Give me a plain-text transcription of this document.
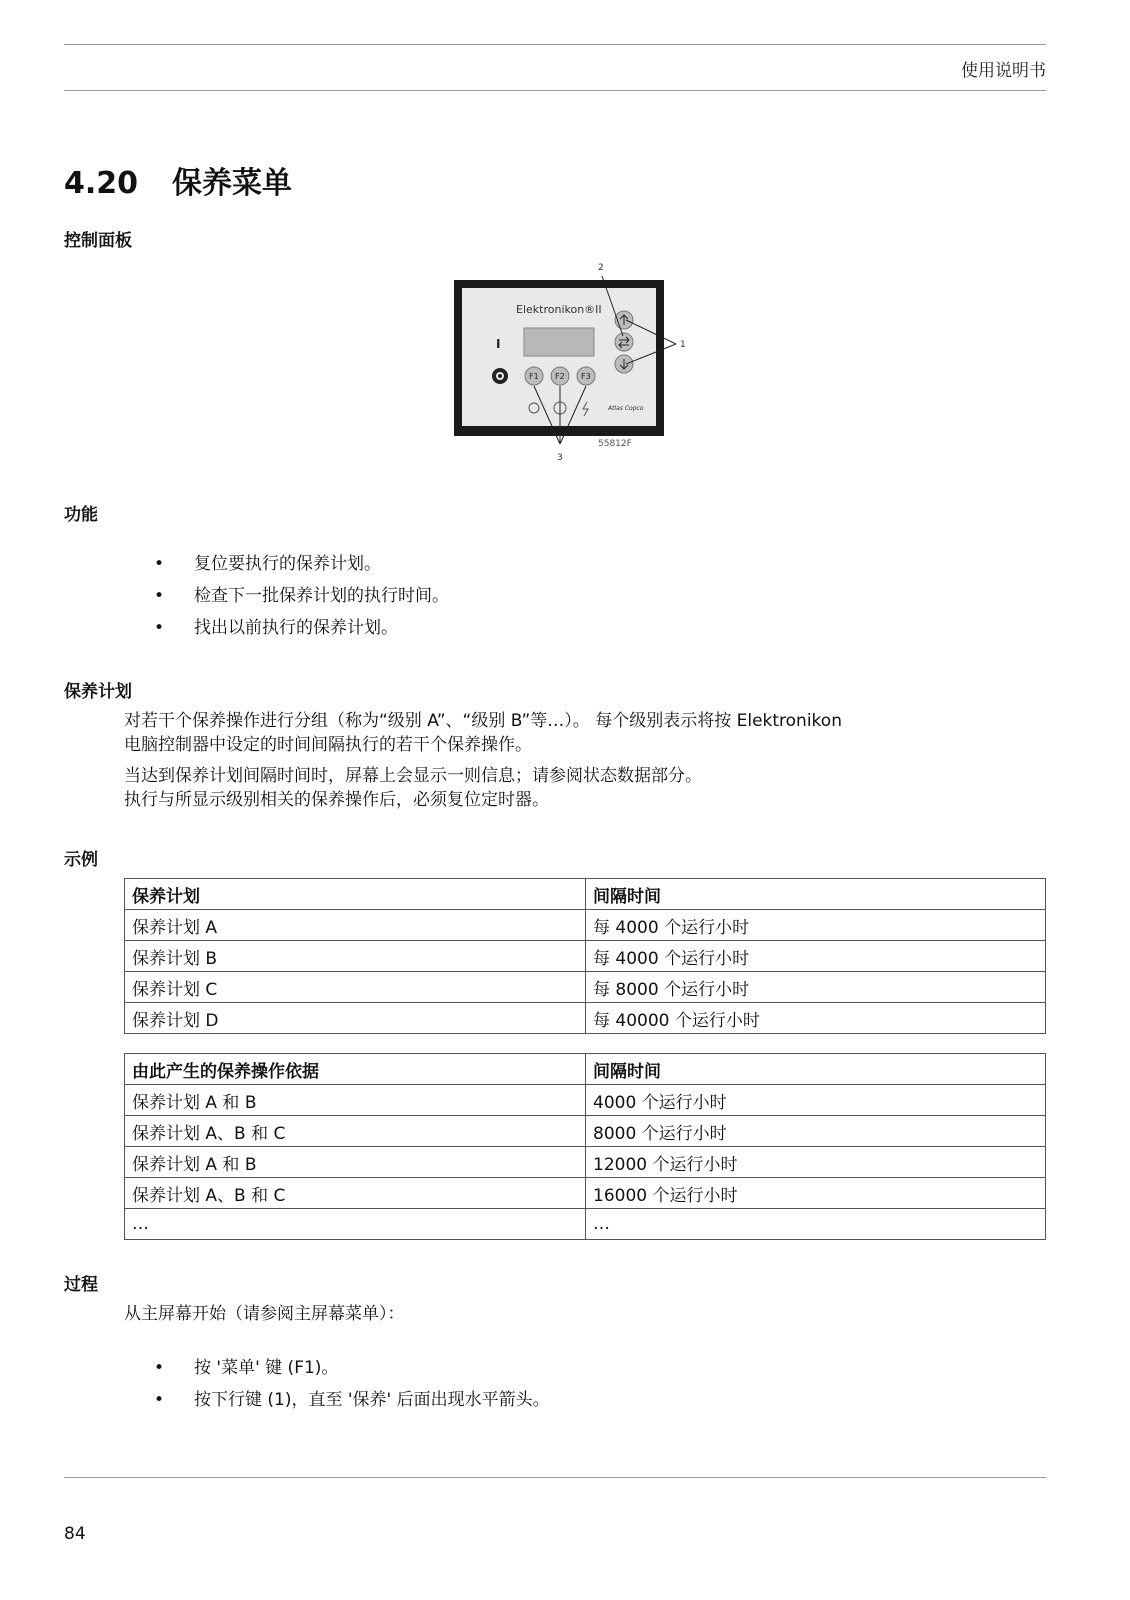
使用说明书
4.20 保养菜单
控制面板
Elektronikon®II
I
F1 F2 F3
Atlas Copco
55812F
2
1
3
功能
• 复位要执行的保养计划。
• 检查下一批保养计划的执行时间。
• 找出以前执行的保养计划。
保养计划
对若干个保养操作进行分组（称为“级别 A”、“级别 B”等…）。 每个级别表示将按 Elektronikon
电脑控制器中设定的时间间隔执行的若干个保养操作。
当达到保养计划间隔时间时，屏幕上会显示一则信息；请参阅状态数据部分。
执行与所显示级别相关的保养操作后，必须复位定时器。
示例
保养计划	间隔时间
保养计划 A	每 4000 个运行小时
保养计划 B	每 4000 个运行小时
保养计划 C	每 8000 个运行小时
保养计划 D	每 40000 个运行小时
由此产生的保养操作依据	间隔时间
保养计划 A 和 B	4000 个运行小时
保养计划 A、B 和 C	8000 个运行小时
保养计划 A 和 B	12000 个运行小时
保养计划 A、B 和 C	16000 个运行小时
…	…
过程
从主屏幕开始（请参阅主屏幕菜单）：
• 按 '菜单' 键 (F1)。
• 按下行键 (1)，直至 '保养' 后面出现水平箭头。
84
